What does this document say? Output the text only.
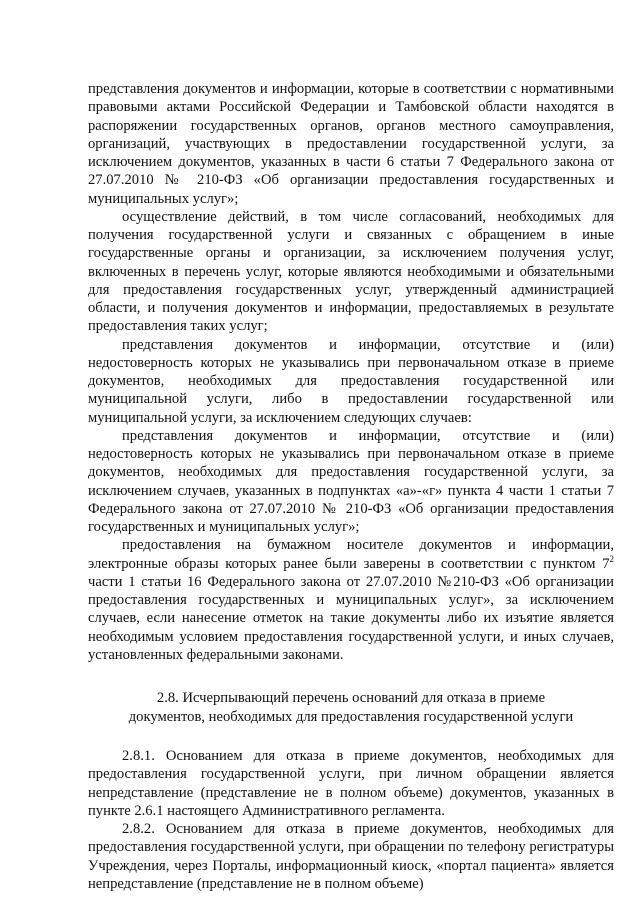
представления документов и информации, которые в соответствии с нормативными правовыми актами Российской Федерации и Тамбовской области находятся в распоряжении государственных органов, органов местного самоуправления, организаций, участвующих в предоставлении государственной услуги, за исключением документов, указанных в части 6 статьи 7 Федерального закона от 27.07.2010 № 210-ФЗ «Об организации предоставления государственных и муниципальных услуг»;

осуществление действий, в том числе согласований, необходимых для получения государственной услуги и связанных с обращением в иные государственные органы и организации, за исключением получения услуг, включенных в перечень услуг, которые являются необходимыми и обязательными для предоставления государственных услуг, утвержденный администрацией области, и получения документов и информации, предоставляемых в результате предоставления таких услуг;

представления документов и информации, отсутствие и (или) недостоверность которых не указывались при первоначальном отказе в приеме документов, необходимых для предоставления государственной или муниципальной услуги, либо в предоставлении государственной или муниципальной услуги, за исключением следующих случаев:

представления документов и информации, отсутствие и (или) недостоверность которых не указывались при первоначальном отказе в приеме документов, необходимых для предоставления государственной услуги, за исключением случаев, указанных в подпунктах «а»-«г» пункта 4 части 1 статьи 7 Федерального закона от 27.07.2010 № 210-ФЗ «Об организации предоставления государственных и муниципальных услуг»;

предоставления на бумажном носителе документов и информации, электронные образы которых ранее были заверены в соответствии с пунктом $7^2$ части 1 статьи 16 Федерального закона от 27.07.2010 №210-ФЗ «Об организации предоставления государственных и муниципальных услуг», за исключением случаев, если нанесение отметок на такие документы либо их изъятие является необходимым условием предоставления государственной услуги, и иных случаев, установленных федеральными законами.

2.8. Исчерпывающий перечень оснований для отказа в приеме
документов, необходимых для предоставления государственной услуги

2.8.1. Основанием для отказа в приеме документов, необходимых для предоставления государственной услуги, при личном обращении является непредставление (представление не в полном объеме) документов, указанных в пункте 2.6.1 настоящего Административного регламента.

2.8.2. Основанием для отказа в приеме документов, необходимых для предоставления государственной услуги, при обращении по телефону регистратуры Учреждения, через Порталы, информационный киоск, «портал пациента» является непредставление (представление не в полном объеме)
